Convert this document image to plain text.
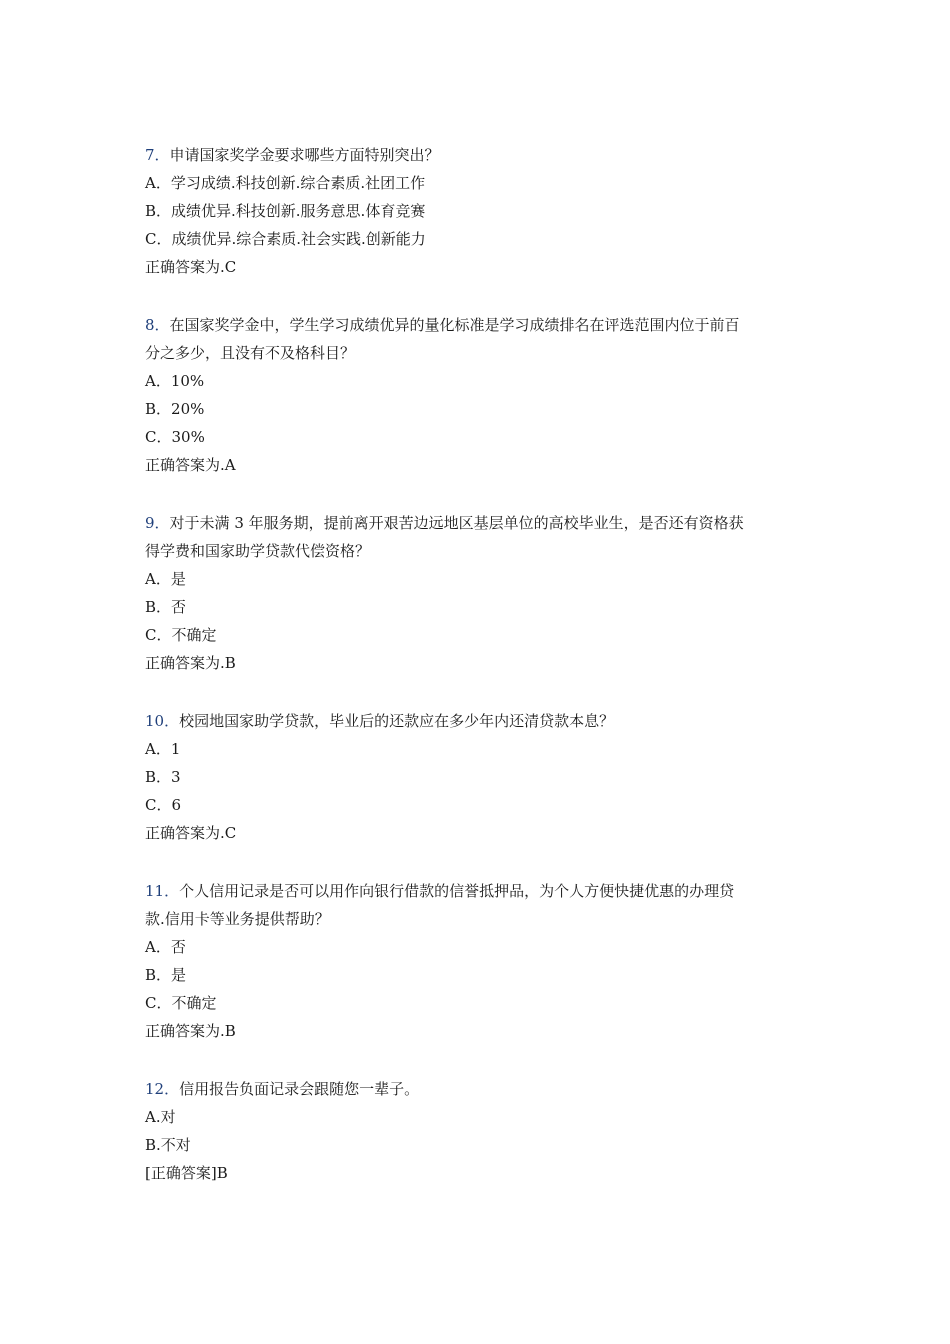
7．申请国家奖学金要求哪些方面特别突出？
A．学习成绩.科技创新.综合素质.社团工作
B．成绩优异.科技创新.服务意思.体育竞赛
C．成绩优异.综合素质.社会实践.创新能力
正确答案为.C
8．在国家奖学金中，学生学习成绩优异的量化标准是学习成绩排名在评选范围内位于前百
分之多少，且没有不及格科目？
A．10%
B．20%
C．30%
正确答案为.A
9．对于未满 3 年服务期，提前离开艰苦边远地区基层单位的高校毕业生，是否还有资格获
得学费和国家助学贷款代偿资格？
A．是
B．否
C．不确定
正确答案为.B
10．校园地国家助学贷款，毕业后的还款应在多少年内还清贷款本息？
A．1
B．3
C．6
正确答案为.C
11．个人信用记录是否可以用作向银行借款的信誉抵押品，为个人方便快捷优惠的办理贷
款.信用卡等业务提供帮助？
A．否
B．是
C．不确定
正确答案为.B
12．信用报告负面记录会跟随您一辈子。
A.对
B.不对
[正确答案]B
